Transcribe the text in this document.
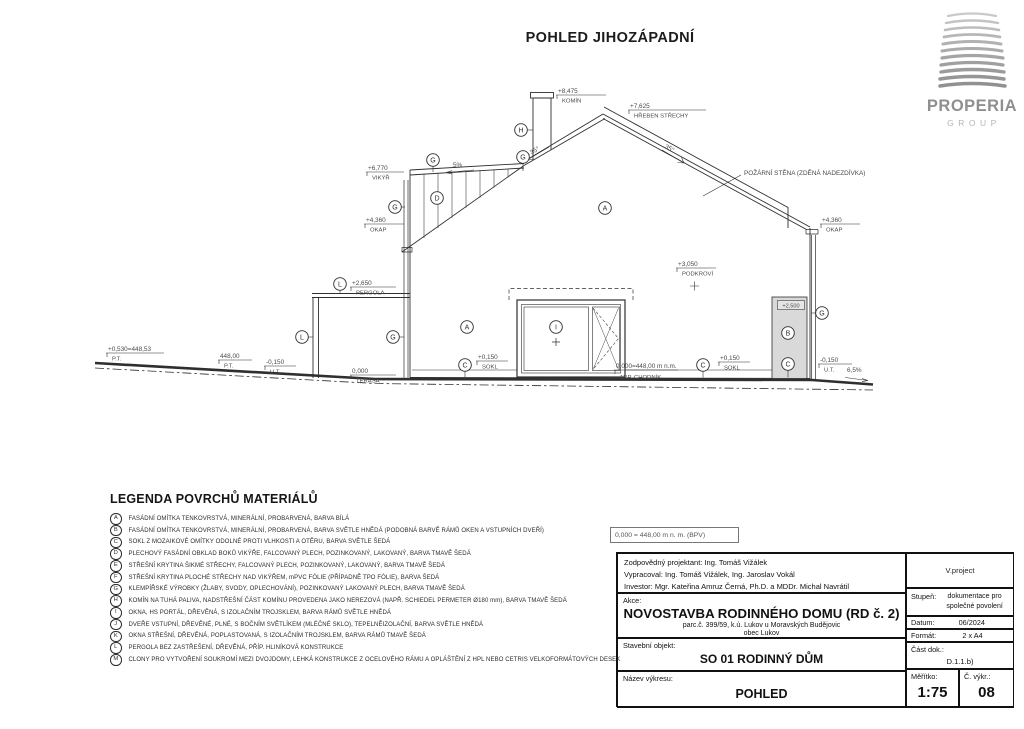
POHLED JIHOZÁPADNÍ
PROPERIA
GROUP
+2,500
POŽÁRNÍ STĚNA (ZDĚNÁ NADEZDÍVKA)
35°	35°
5%
6,5%
+8,475
KOMÍN
+7,625
HŘEBEN STŘECHY
+6,770
VIKÝŘ
+4,360
OKAP
+4,360
OKAP
+3,050
PODKROVÍ
+2,650
PERGOLA
0,000
TERASA
0,000=448,00 m n.m.
1NP, CHODNÍK
+0,150
SOKL
+0,150
SOKL
-0,150
U.T.
+0,530=448,53
P.T.	448,00
P.T.
-0,150
U.T.
H
G
G
G
G
G
D
A
A	I
L
L
B
C	C	C
0,000 = 448,00 m n. m. (BPV)
LEGENDA POVRCHŮ MATERIÁLŮ
A	FASÁDNÍ OMÍTKA TENKOVRSTVÁ, MINERÁLNÍ, PROBARVENÁ, BARVA BÍLÁ
B	FASÁDNÍ OMÍTKA TENKOVRSTVÁ, MINERÁLNÍ, PROBARVENÁ, BARVA SVĚTLE HNĚDÁ (PODOBNÁ BARVĚ RÁMŮ OKEN A VSTUPNÍCH DVEŘÍ)
C	SOKL Z MOZAIKOVÉ OMÍTKY ODOLNÉ PROTI VLHKOSTI A OTĚRU, BARVA SVĚTLE ŠEDÁ
D	PLECHOVÝ FASÁDNÍ OBKLAD BOKŮ VIKÝŘE, FALCOVANÝ PLECH, POZINKOVANÝ, LAKOVANÝ, BARVA TMAVĚ ŠEDÁ
E	STŘEŠNÍ KRYTINA ŠIKMÉ STŘECHY, FALCOVANÝ PLECH, POZINKOVANÝ, LAKOVANÝ, BARVA TMAVĚ ŠEDÁ
F	STŘEŠNÍ KRYTINA PLOCHÉ STŘECHY NAD VIKÝŘEM, mPVC FÓLIE (PŘÍPADNĚ TPO FÓLIE), BARVA ŠEDÁ
G	KLEMPÍŘSKÉ VÝROBKY (ŽLABY, SVODY, OPLECHOVÁNÍ), POZINKOVANÝ LAKOVANÝ PLECH, BARVA TMAVĚ ŠEDÁ
H	KOMÍN NA TUHÁ PALIVA, NADSTŘEŠNÍ ČÁST KOMÍNU PROVEDENA JAKO NEREZOVÁ (NAPŘ. SCHIEDEL PERMETER Ø180 mm), BARVA TMAVĚ ŠEDÁ
I	OKNA, HS PORTÁL, DŘEVĚNÁ, S IZOLAČNÍM TROJSKLEM, BARVA RÁMŮ SVĚTLE HNĚDÁ
J	DVEŘE VSTUPNÍ, DŘEVĚNÉ, PLNÉ, S BOČNÍM SVĚTLÍKEM (MLÉČNÉ SKLO), TEPELNĚIZOLAČNÍ, BARVA SVĚTLE HNĚDÁ
K	OKNA STŘEŠNÍ, DŘEVĚNÁ, POPLASTOVANÁ, S IZOLAČNÍM TROJSKLEM, BARVA RÁMŮ TMAVĚ ŠEDÁ
L	PERGOLA BEZ ZASTŘEŠENÍ, DŘEVĚNÁ, PŘÍP. HLINÍKOVÁ KONSTRUKCE
M	CLONY PRO VYTVOŘENÍ SOUKROMÍ MEZI DVOJDOMY, LEHKÁ KONSTRUKCE Z OCELOVÉHO RÁMU A OPLÁŠTĚNÍ Z HPL NEBO CETRIS VELKOFORMÁTOVÝCH DESEK
Zodpovědný projektant: Ing. Tomáš Vižálek
Vypracoval: Ing. Tomáš Vižálek, Ing. Jaroslav Vokál
Investor: Mgr. Kateřina Amruz Černá, Ph.D. a MDDr. Michal Navrátil
V.project
Akce:
NOVOSTAVBA RODINNÉHO DOMU (RD č. 2)
parc.č. 399/59, k.ú. Lukov u Moravských Budějovic
obec Lukov
Stupeň:	dokumentace pro společné povolení
Datum:	06/2024
Formát:	2 x A4
Část dok.:
D.1.1.b)
Stavební objekt:
SO 01 RODINNÝ DŮM
Název výkresu:
POHLED
Měřítko:
1:75
Č. výkr.:
08
